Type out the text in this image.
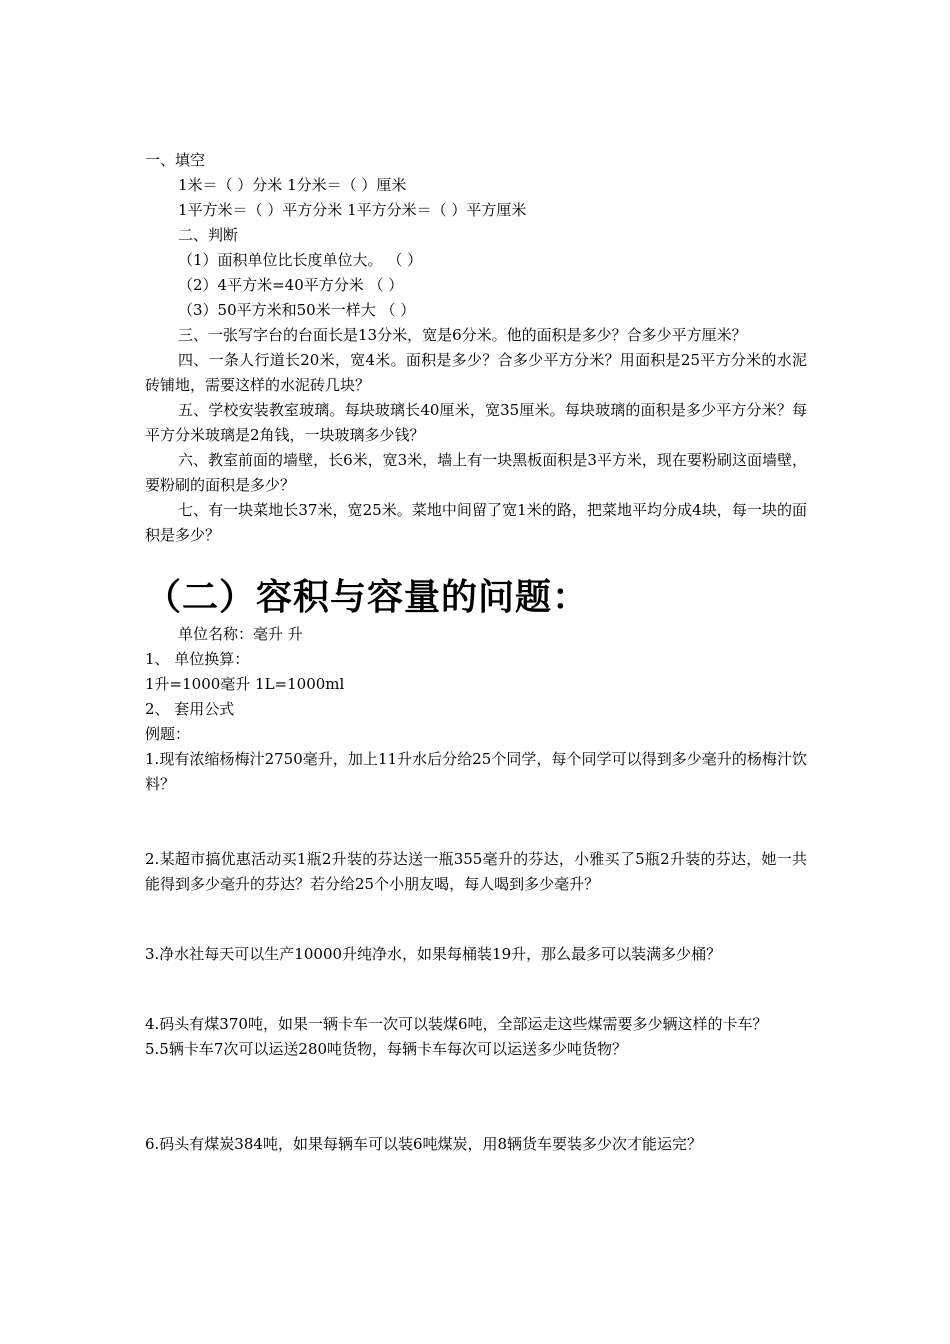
一、填空

1米＝（ ）分米 1分米＝（ ）厘米

1平方米＝（ ）平方分米 1平方分米＝（ ）平方厘米

二、判断

（1）面积单位比长度单位大。 （ ）

（2）4平方米=40平方分米 （ ）

（3）50平方米和50米一样大 （ ）

三、一张写字台的台面长是13分米，宽是6分米。他的面积是多少？合多少平方厘米？

四、一条人行道长20米，宽4米。面积是多少？合多少平方分米？用面积是25平方分米的水泥砖铺地，需要这样的水泥砖几块？

五、学校安装教室玻璃。每块玻璃长40厘米，宽35厘米。每块玻璃的面积是多少平方分米？每平方分米玻璃是2角钱，一块玻璃多少钱？

六、教室前面的墙壁，长6米，宽3米，墙上有一块黑板面积是3平方米，现在要粉刷这面墙壁，要粉刷的面积是多少？

七、有一块菜地长37米，宽25米。菜地中间留了宽1米的路，把菜地平均分成4块，每一块的面积是多少？

（二）容积与容量的问题：

单位名称：毫升 升

1、 单位换算：

1升=1000毫升 1L=1000ml

2、 套用公式

例题：

1.现有浓缩杨梅汁2750毫升，加上11升水后分给25个同学，每个同学可以得到多少毫升的杨梅汁饮料？

2.某超市搞优惠活动买1瓶2升装的芬达送一瓶355毫升的芬达，小雅买了5瓶2升装的芬达，她一共能得到多少毫升的芬达？若分给25个小朋友喝，每人喝到多少毫升？

3.净水社每天可以生产10000升纯净水，如果每桶装19升，那么最多可以装满多少桶？

4.码头有煤370吨，如果一辆卡车一次可以装煤6吨，全部运走这些煤需要多少辆这样的卡车？

5.5辆卡车7次可以运送280吨货物，每辆卡车每次可以运送多少吨货物？

6.码头有煤炭384吨，如果每辆车可以装6吨煤炭，用8辆货车要装多少次才能运完？
